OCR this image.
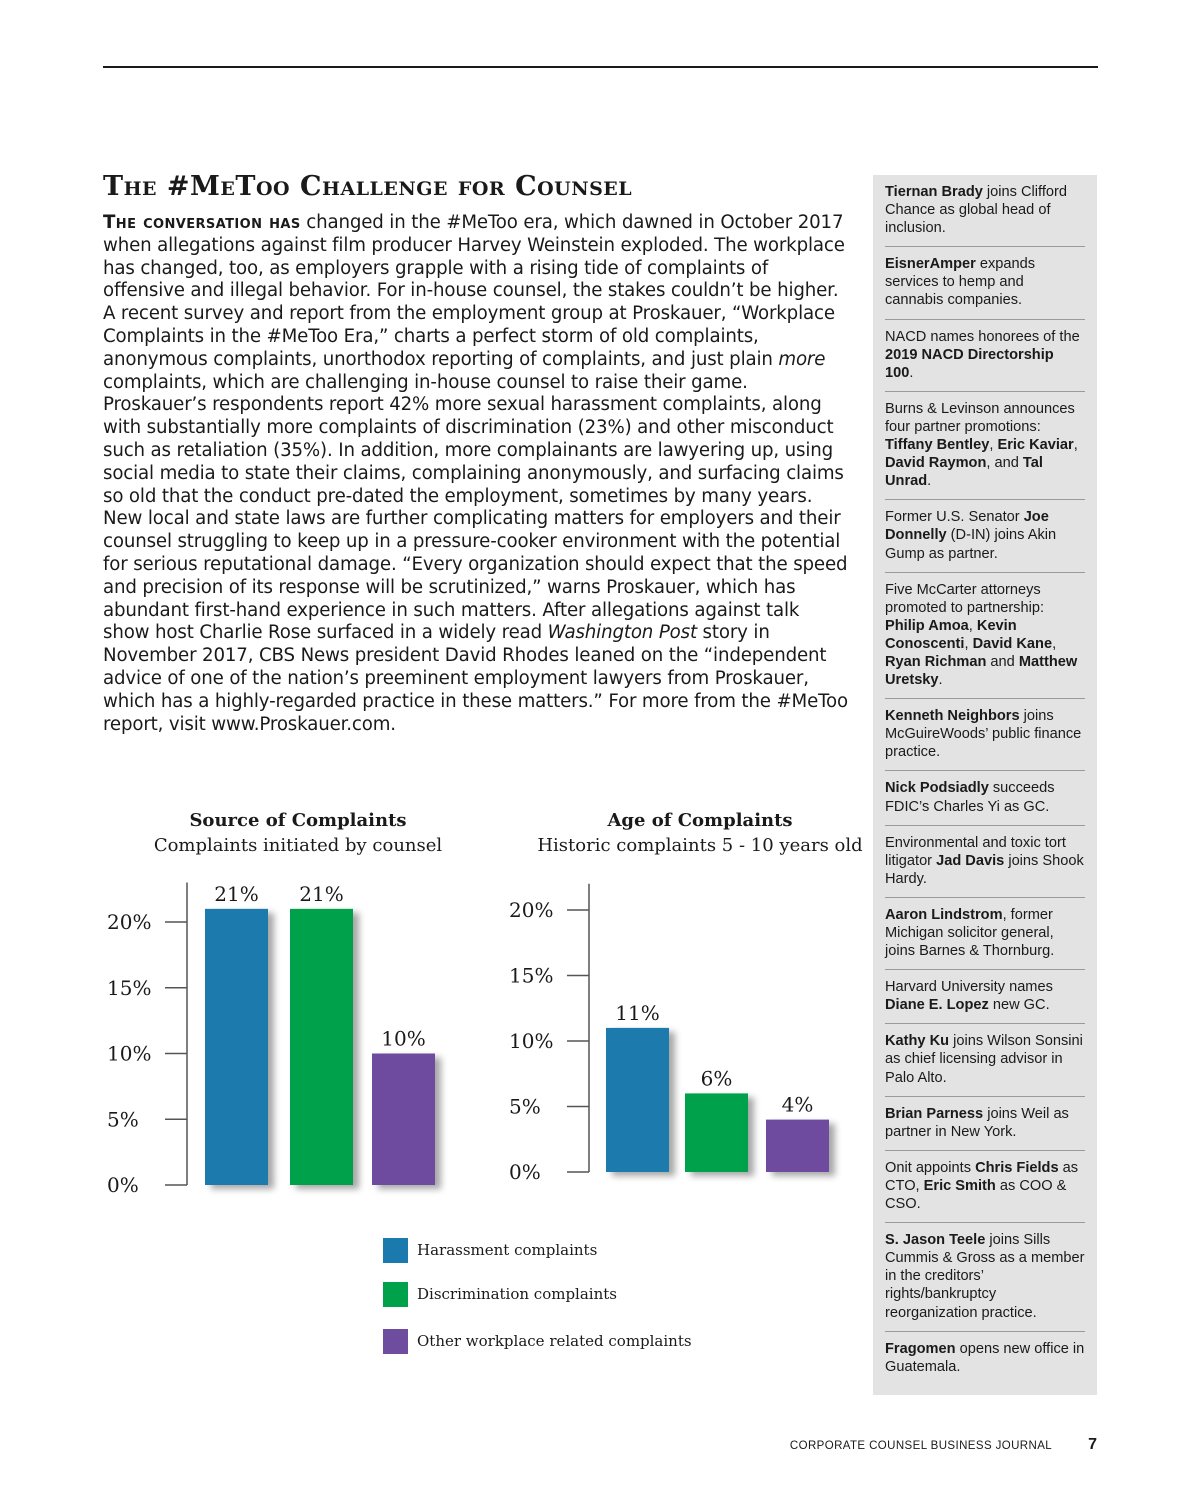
The #MeToo Challenge for Counsel

The conversation has changed in the #MeToo era, which dawned in October 2017 when allegations against film producer Harvey Weinstein exploded. The workplace has changed, too, as employers grapple with a rising tide of complaints of offensive and illegal behavior. For in-house counsel, the stakes couldn’t be higher. A recent survey and report from the employment group at Proskauer, “Workplace Complaints in the #MeToo Era,” charts a perfect storm of old complaints, anonymous complaints, unorthodox reporting of complaints, and just plain more complaints, which are challenging in-house counsel to raise their game. Proskauer’s respondents report 42% more sexual harassment complaints, along with substantially more complaints of discrimination (23%) and other misconduct such as retaliation (35%). In addition, more complainants are lawyering up, using social media to state their claims, complaining anonymously, and surfacing claims so old that the conduct pre-dated the employment, sometimes by many years. New local and state laws are further complicating matters for employers and their counsel struggling to keep up in a pressure-cooker environment with the potential for serious reputational damage. “Every organization should expect that the speed and precision of its response will be scrutinized,” warns Proskauer, which has abundant first-hand experience in such matters. After allegations against talk show host Charlie Rose surfaced in a widely read Washington Post story in November 2017, CBS News president David Rhodes leaned on the “independent advice of one of the nation’s preeminent employment lawyers from Proskauer, which has a highly-regarded practice in these matters.” For more from the #MeToo report, visit www.Proskauer.com.

0%
5%
10%
15%
20%
21% 21%
10%
Source of Complaints
Complaints initiated by counsel
0%
5%
10%
15%
20%
11%
6%
4%
Age of Complaints
Historic complaints 5 - 10 years old
Harassment complaints
Discrimination complaints
Other workplace related complaints
Tiernan Brady joins Clifford Chance as global head of inclusion.
EisnerAmper expands services to hemp and cannabis companies.
NACD names honorees of the 2019 NACD Directorship 100.
Burns & Levinson announces four partner promotions: Tiffany Bentley, Eric Kaviar, David Raymon, and Tal Unrad.
Former U.S. Senator Joe Donnelly (D-IN) joins Akin Gump as partner.
Five McCarter attorneys promoted to partnership: Philip Amoa, Kevin Conoscenti, David Kane, Ryan Richman and Matthew Uretsky.
Kenneth Neighbors joins McGuireWoods’ public finance practice.
Nick Podsiadly succeeds FDIC’s Charles Yi as GC.
Environmental and toxic tort litigator Jad Davis joins Shook Hardy.
Aaron Lindstrom, former Michigan solicitor general, joins Barnes & Thornburg.
Harvard University names Diane E. Lopez new GC.
Kathy Ku joins Wilson Sonsini as chief licensing advisor in Palo Alto.
Brian Parness joins Weil as partner in New York.
Onit appoints Chris Fields as CTO, Eric Smith as COO & CSO.
S. Jason Teele joins Sills Cummis & Gross as a member in the creditors’ rights/bankruptcy reorganization practice.
Fragomen opens new office in Guatemala.
CORPORATE COUNSEL BUSINESS JOURNAL 7
